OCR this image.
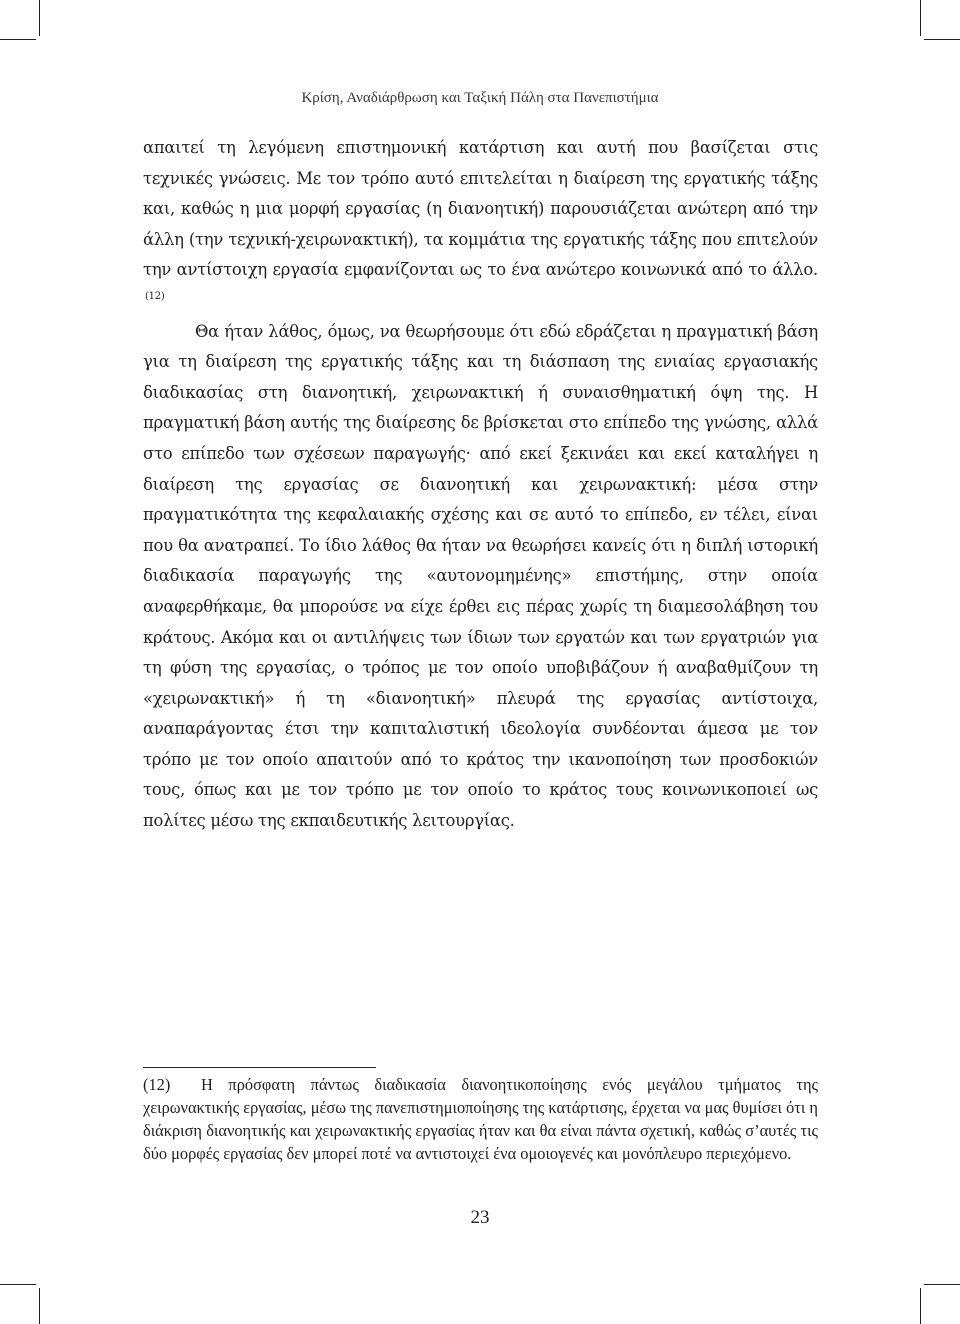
Κρίση, Αναδιάρθρωση και Ταξική Πάλη στα Πανεπιστήμια

απαιτεί τη λεγόμενη επιστημονική κατάρτιση και αυτή που βασίζεται στις τεχνικές γνώσεις. Με τον τρόπο αυτό επιτελείται η διαίρεση της εργατικής τάξης και, καθώς η μια μορφή εργασίας (η διανοητική) παρουσιάζεται ανώτερη από την άλλη (την τεχνική-χειρωνακτική), τα κομμάτια της εργατικής τάξης που επιτελούν την αντίστοιχη εργασία εμφανίζονται ως το ένα ανώτερο κοινωνικά από το άλλο.$^{(12)}$

Θα ήταν λάθος, όμως, να θεωρήσουμε ότι εδώ εδράζεται η πραγματική βάση για τη διαίρεση της εργατικής τάξης και τη διάσπαση της ενιαίας εργασιακής διαδικασίας στη διανοητική, χειρωνακτική ή συναισθηματική όψη της. Η πραγματική βάση αυτής της διαίρεσης δε βρίσκεται στο επίπεδο της γνώσης, αλλά στο επίπεδο των σχέσεων παραγωγής· από εκεί ξεκινάει και εκεί καταλήγει η διαίρεση της εργασίας σε διανοητική και χειρωνακτική: μέσα στην πραγματικότητα της κεφαλαιακής σχέσης και σε αυτό το επίπεδο, εν τέλει, είναι που θα ανατραπεί. Το ίδιο λάθος θα ήταν να θεωρήσει κανείς ότι η διπλή ιστορική διαδικασία παραγωγής της «αυτονομημένης» επιστήμης, στην οποία αναφερθήκαμε, θα μπορούσε να είχε έρθει εις πέρας χωρίς τη διαμεσολάβηση του κράτους. Ακόμα και οι αντιλήψεις των ίδιων των εργατών και των εργατριών για τη φύση της εργασίας, ο τρόπος με τον οποίο υποβιβάζουν ή αναβαθμίζουν τη «χειρωνακτική» ή τη «διανοητική» πλευρά της εργασίας αντίστοιχα, αναπαράγοντας έτσι την καπιταλιστική ιδεολογία συνδέονται άμεσα με τον τρόπο με τον οποίο απαιτούν από το κράτος την ικανοποίηση των προσδοκιών τους, όπως και με τον τρόπο με τον οποίο το κράτος τους κοινωνικοποιεί ως πολίτες μέσω της εκπαιδευτικής λειτουργίας.

(12) Η πρόσφατη πάντως διαδικασία διανοητικοποίησης ενός μεγάλου τμήματος της χειρωνακτικής εργασίας, μέσω της πανεπιστημιοποίησης της κατάρτισης, έρχεται να μας θυμίσει ότι η διάκριση διανοητικής και χειρωνακτικής εργασίας ήταν και θα είναι πάντα σχετική, καθώς σ’αυτές τις δύο μορφές εργασίας δεν μπορεί ποτέ να αντιστοιχεί ένα ομοιογενές και μονόπλευρο περιεχόμενο.
23
